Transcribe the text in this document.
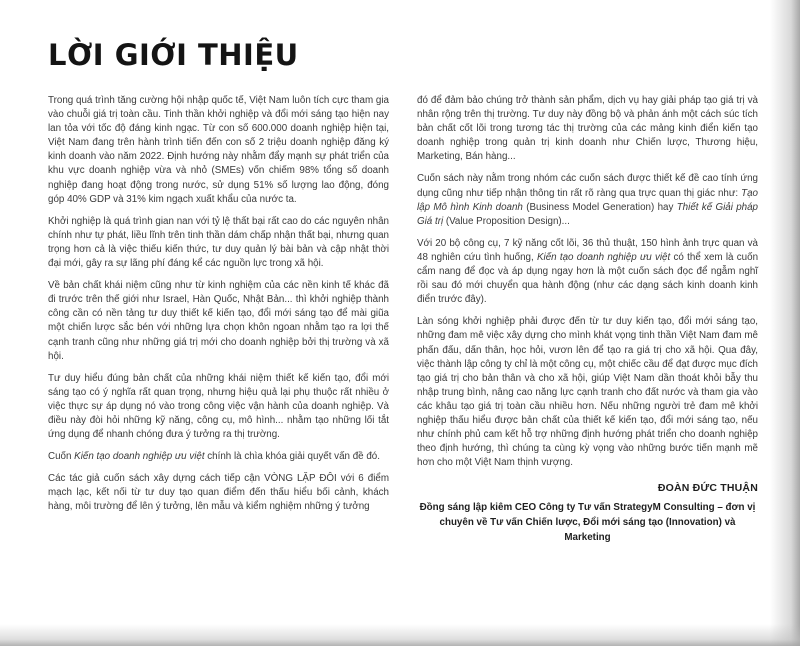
LỜI GIỚI THIỆU

Trong quá trình tăng cường hội nhập quốc tế, Việt Nam luôn tích cực tham gia vào chuỗi giá trị toàn cầu. Tinh thần khởi nghiệp và đổi mới sáng tạo hiện nay lan tỏa với tốc độ đáng kinh ngạc. Từ con số 600.000 doanh nghiệp hiện tại, Việt Nam đang trên hành trình tiến đến con số 2 triệu doanh nghiệp đăng ký kinh doanh vào năm 2022. Định hướng này nhằm đẩy mạnh sự phát triển của khu vực doanh nghiệp vừa và nhỏ (SMEs) vốn chiếm 98% tổng số doanh nghiệp đang hoạt động trong nước, sử dụng 51% số lượng lao động, đóng góp 40% GDP và 31% kim ngạch xuất khẩu của nước ta.

Khởi nghiệp là quá trình gian nan với tỷ lệ thất bại rất cao do các nguyên nhân chính như tự phát, liều lĩnh trên tinh thần dám chấp nhận thất bại, nhưng quan trọng hơn cả là việc thiếu kiến thức, tư duy quản lý bài bản và cập nhật thời đại mới, gây ra sự lãng phí đáng kể các nguồn lực trong xã hội.

Về bản chất khái niệm cũng như từ kinh nghiệm của các nền kinh tế khác đã đi trước trên thế giới như Israel, Hàn Quốc, Nhật Bản... thì khởi nghiệp thành công cần có nền tảng tư duy thiết kế kiến tạo, đổi mới sáng tạo để mài giũa một chiến lược sắc bén với những lựa chọn khôn ngoan nhằm tạo ra lợi thế cạnh tranh cũng như những giá trị mới cho doanh nghiệp bởi thị trường và xã hội.

Tư duy hiểu đúng bản chất của những khái niệm thiết kế kiến tạo, đổi mới sáng tạo có ý nghĩa rất quan trọng, nhưng hiệu quả lại phụ thuộc rất nhiều ở việc thực sự áp dụng nó vào trong công việc vận hành của doanh nghiệp. Và điều này đòi hỏi những kỹ năng, công cụ, mô hình... nhằm tạo những lối tắt ứng dụng để nhanh chóng đưa ý tưởng ra thị trường.

Cuốn Kiến tạo doanh nghiệp ưu việt chính là chìa khóa giải quyết vấn đề đó.

Các tác giả cuốn sách xây dựng cách tiếp cận VÒNG LẶP ĐÔI với 6 điểm mạch lạc, kết nối từ tư duy tạo quan điểm đến thấu hiểu bối cảnh, khách hàng, môi trường để lên ý tưởng, lên mẫu và kiểm nghiệm những ý tưởng

đó để đảm bảo chúng trở thành sản phẩm, dịch vụ hay giải pháp tạo giá trị và nhân rộng trên thị trường. Tư duy này đồng bộ và phản ánh một cách súc tích bản chất cốt lõi trong tương tác thị trường của các mảng kinh điển kiến tạo doanh nghiệp trong quản trị kinh doanh như Chiến lược, Thương hiệu, Marketing, Bán hàng...

Cuốn sách này nằm trong nhóm các cuốn sách được thiết kế đề cao tính ứng dụng cũng như tiếp nhận thông tin rất rõ ràng qua trực quan thị giác như: Tạo lập Mô hình Kinh doanh (Business Model Generation) hay Thiết kế Giải pháp Giá trị (Value Proposition Design)...

Với 20 bộ công cụ, 7 kỹ năng cốt lõi, 36 thủ thuật, 150 hình ảnh trực quan và 48 nghiên cứu tình huống, Kiến tạo doanh nghiệp ưu việt có thể xem là cuốn cẩm nang để đọc và áp dụng ngay hơn là một cuốn sách đọc để ngẫm nghĩ rồi sau đó mới chuyển qua hành động (như các dạng sách kinh doanh kinh điển trước đây).

Làn sóng khởi nghiệp phải được đến từ tư duy kiến tạo, đổi mới sáng tạo, những đam mê việc xây dựng cho mình khát vọng tinh thần Việt Nam đam mê phấn đấu, dấn thân, học hỏi, vươn lên để tạo ra giá trị cho xã hội. Qua đây, việc thành lập công ty chỉ là một công cụ, một chiếc cầu để đạt được mục đích tạo giá trị cho bản thân và cho xã hội, giúp Việt Nam dần thoát khỏi bẫy thu nhập trung bình, nâng cao năng lực cạnh tranh cho đất nước và tham gia vào các khâu tạo giá trị toàn cầu nhiều hơn. Nếu những người trẻ đam mê khởi nghiệp thấu hiểu được bản chất của thiết kế kiến tạo, đổi mới sáng tạo, nếu như chính phủ cam kết hỗ trợ những định hướng phát triển cho doanh nghiệp theo định hướng, thì chúng ta cùng kỳ vọng vào những bước tiến mạnh mẽ hơn cho một Việt Nam thịnh vượng.

ĐOÀN ĐỨC THUẬN
Đồng sáng lập kiêm CEO Công ty Tư vấn StrategyM Consulting – đơn vị chuyên về Tư vấn Chiến lược, Đổi mới sáng tạo (Innovation) và Marketing
